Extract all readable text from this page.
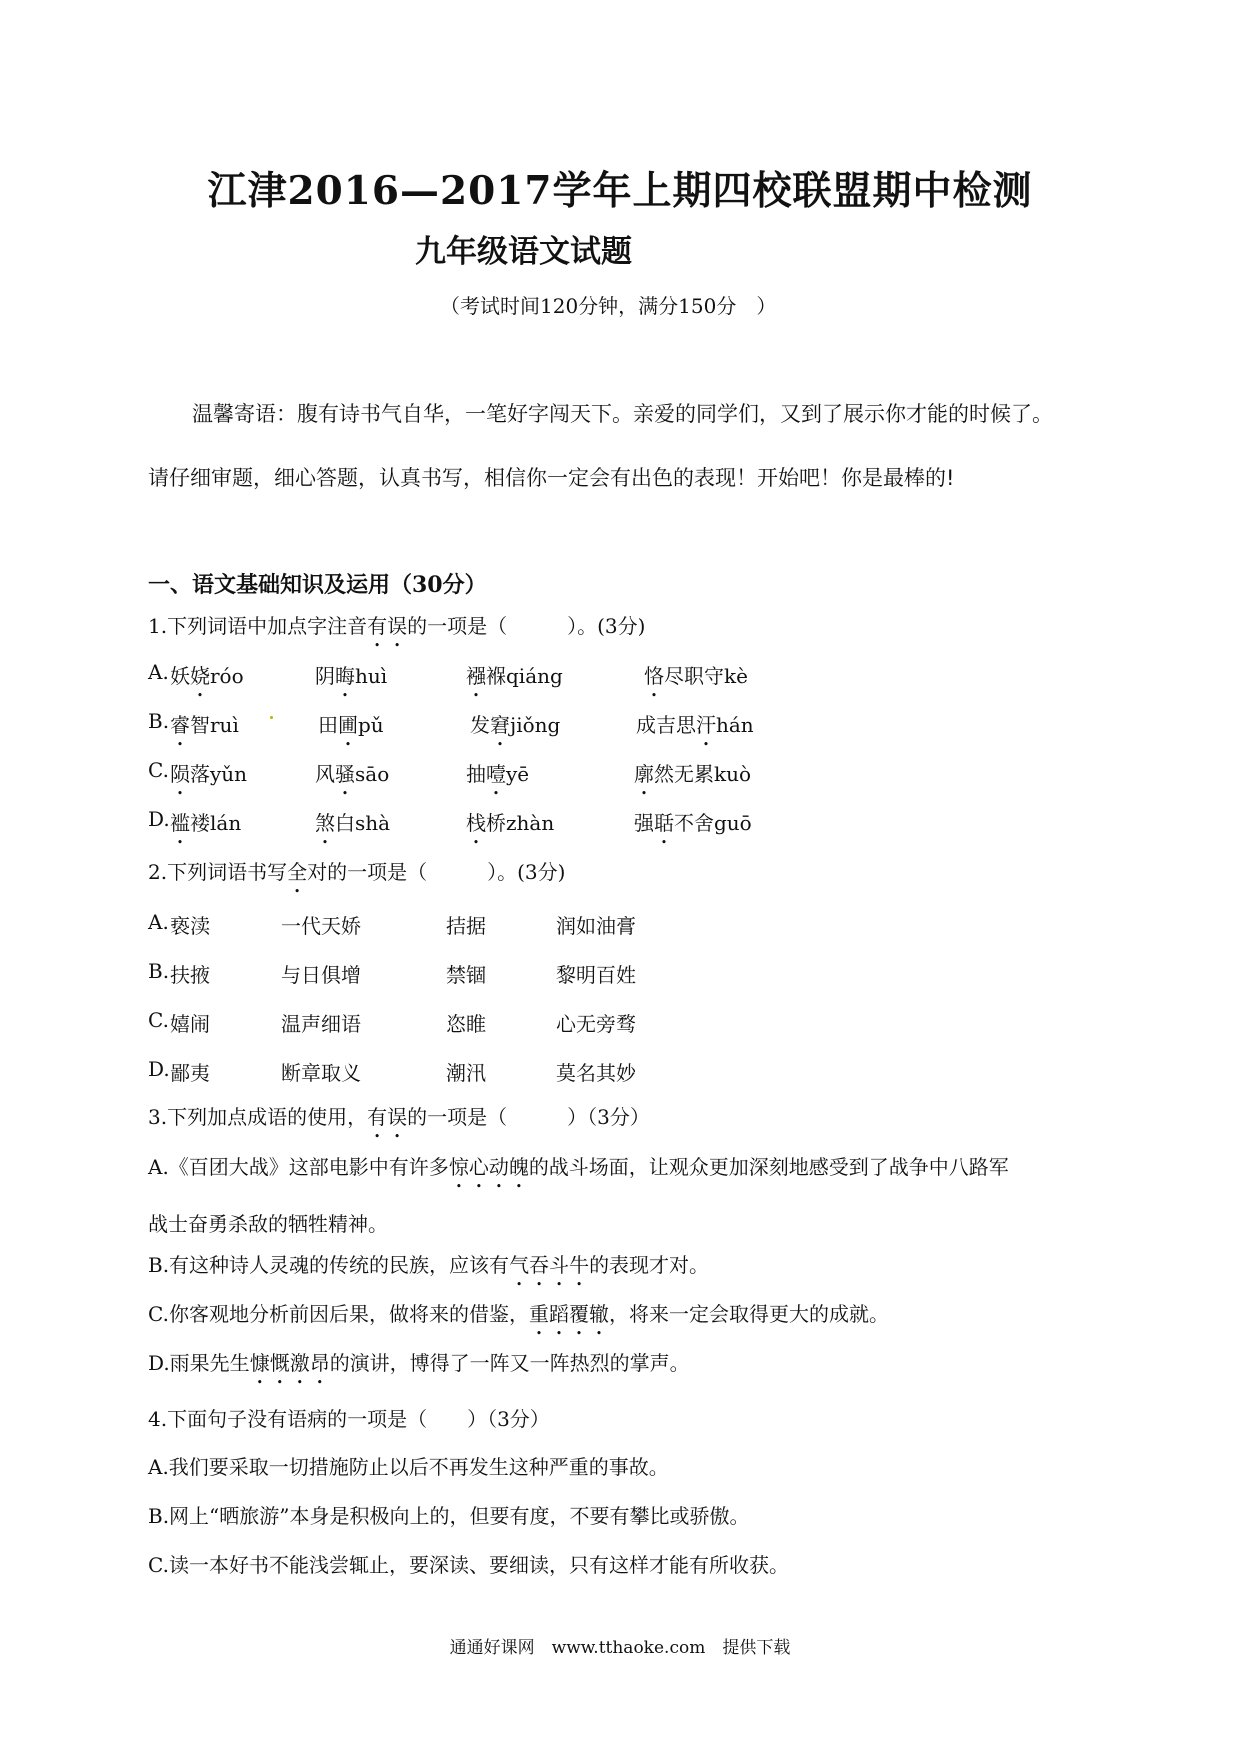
江津2016—2017学年上期四校联盟期中检测
九年级语文试题
（考试时间120分钟，满分150分　）
温馨寄语：腹有诗书气自华，一笔好字闯天下。亲爱的同学们，又到了展示你才能的时候了。
请仔细审题，细心答题，认真书写，相信你一定会有出色的表现！开始吧！你是最棒的!
一、语文基础知识及运用（30分）
1.下列词语中加点字注音有误的一项是（　　　）。(3分)
A. 妖娆róo	阴晦huì	襁褓qiáng	恪尽职守kè
B. 睿智ruì	田圃pǔ	发窘jiǒng	成吉思汗hán
C. 陨落yǔn	风骚sāo	抽噎yē	廓然无累kuò
D. 褴褛lán	煞白shà	栈桥zhàn	强聒不舍guō
2.下列词语书写全对的一项是（　　　）。(3分)
A. 亵渎	一代天娇	拮据	润如油膏
B. 扶掖	与日俱增	禁锢	黎明百姓
C. 嬉闹	温声细语	恣睢	心无旁骛
D. 鄙夷	断章取义	潮汛	莫名其妙
3.下列加点成语的使用，有误的一项是（　　　）（3分）
A.《百团大战》这部电影中有许多惊心动魄的战斗场面，让观众更加深刻地感受到了战争中八路军
战士奋勇杀敌的牺牲精神。
B.有这种诗人灵魂的传统的民族，应该有气吞斗牛的表现才对。
C.你客观地分析前因后果，做将来的借鉴，重蹈覆辙，将来一定会取得更大的成就。
D.雨果先生慷慨激昂的演讲，博得了一阵又一阵热烈的掌声。
4.下面句子没有语病的一项是（　　）（3分）
A.我们要采取一切措施防止以后不再发生这种严重的事故。
B.网上“晒旅游”本身是积极向上的，但要有度，不要有攀比或骄傲。
C.读一本好书不能浅尝辄止，要深读、要细读，只有这样才能有所收获。
通通好课网　www.tthaoke.com　提供下载
